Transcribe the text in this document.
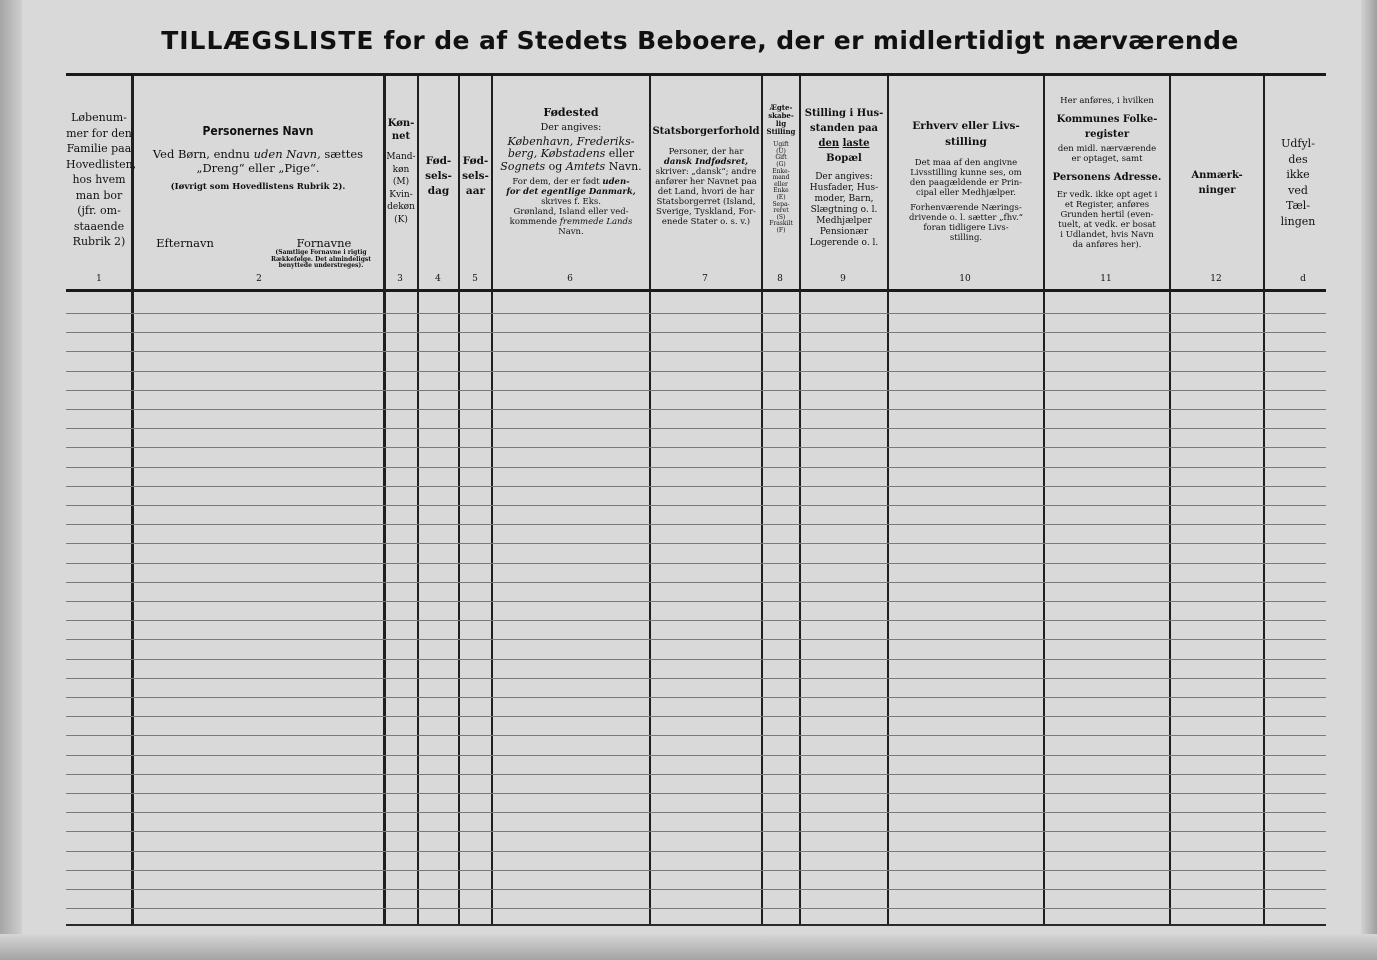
TILLÆGSLISTE for de af Stedets Beboere, der er midlertidigt nærværende
Løbenum-
mer for den
Familie paa
Hovedlisten,
hos hvem
man bor
(jfr. om-
staaende
Rubrik 2)
Personernes Navn
Ved Børn, endnu uden Navn, sættes
„Dreng“ eller „Pige“.
(Iøvrigt som Hovedlistens Rubrik 2).
Efternavn	Fornavne
(Samtlige Fornavne i rigtig Rækkefølge. Det almindeligst benyttede understreges).
Køn-
net
Mand-
køn
(M)
Kvin-
dekøn
(K)
Fød-
sels-
dag
Fød-
sels-
aar
Fødested
Der angives:
København, Frederiks-
berg, Købstadens eller
Sognets og Amtets Navn.
For dem, der er født uden-
for det egentlige Danmark,
skrives f. Eks.
Grønland, Island eller ved-
kommende fremmede Lands
Navn.
Statsborgerforhold
Personer, der har
dansk Indfødsret,
skriver: „dansk“; andre
anfører her Navnet paa
det Land, hvori de har
Statsborgerret (Island,
Sverige, Tyskland, For-
enede Stater o. s. v.)
Ægte-
skabe-
lig
Stilling
Ugift
(U)
Gift
(G)
Enke-
mand
eller
Enke
(E)
Sepa-
reret
(S)
Fraskilt
(F)
Stilling i Hus-
standen paa
den laste
Bopæl
Der angives:
Husfader, Hus-
moder, Barn,
Slægtning o. l.
Medhjælper
Pensionær
Logerende o. l.
Erhverv eller Livs-
stilling
Det maa af den angivne
Livsstilling kunne ses, om
den paagældende er Prin-
cipal eller Medhjælper.
Forhenværende Nærings-
drivende o. l. sætter „fhv.“
foran tidligere Livs-
stilling.
Her anføres, i hvilken
Kommunes Folke-
register
den midl. nærværende
er optaget, samt
Personens Adresse.
Er vedk. ikke opt aget i
et Register, anføres
Grunden hertil (even-
tuelt, at vedk. er bosat
i Udlandet, hvis Navn
da anføres her).
Anmærk-
ninger
Udfyl-
des
ikke
ved
Tæl-
lingen
1	2	3	4	5	6	7	8	9	10	11	12	d
